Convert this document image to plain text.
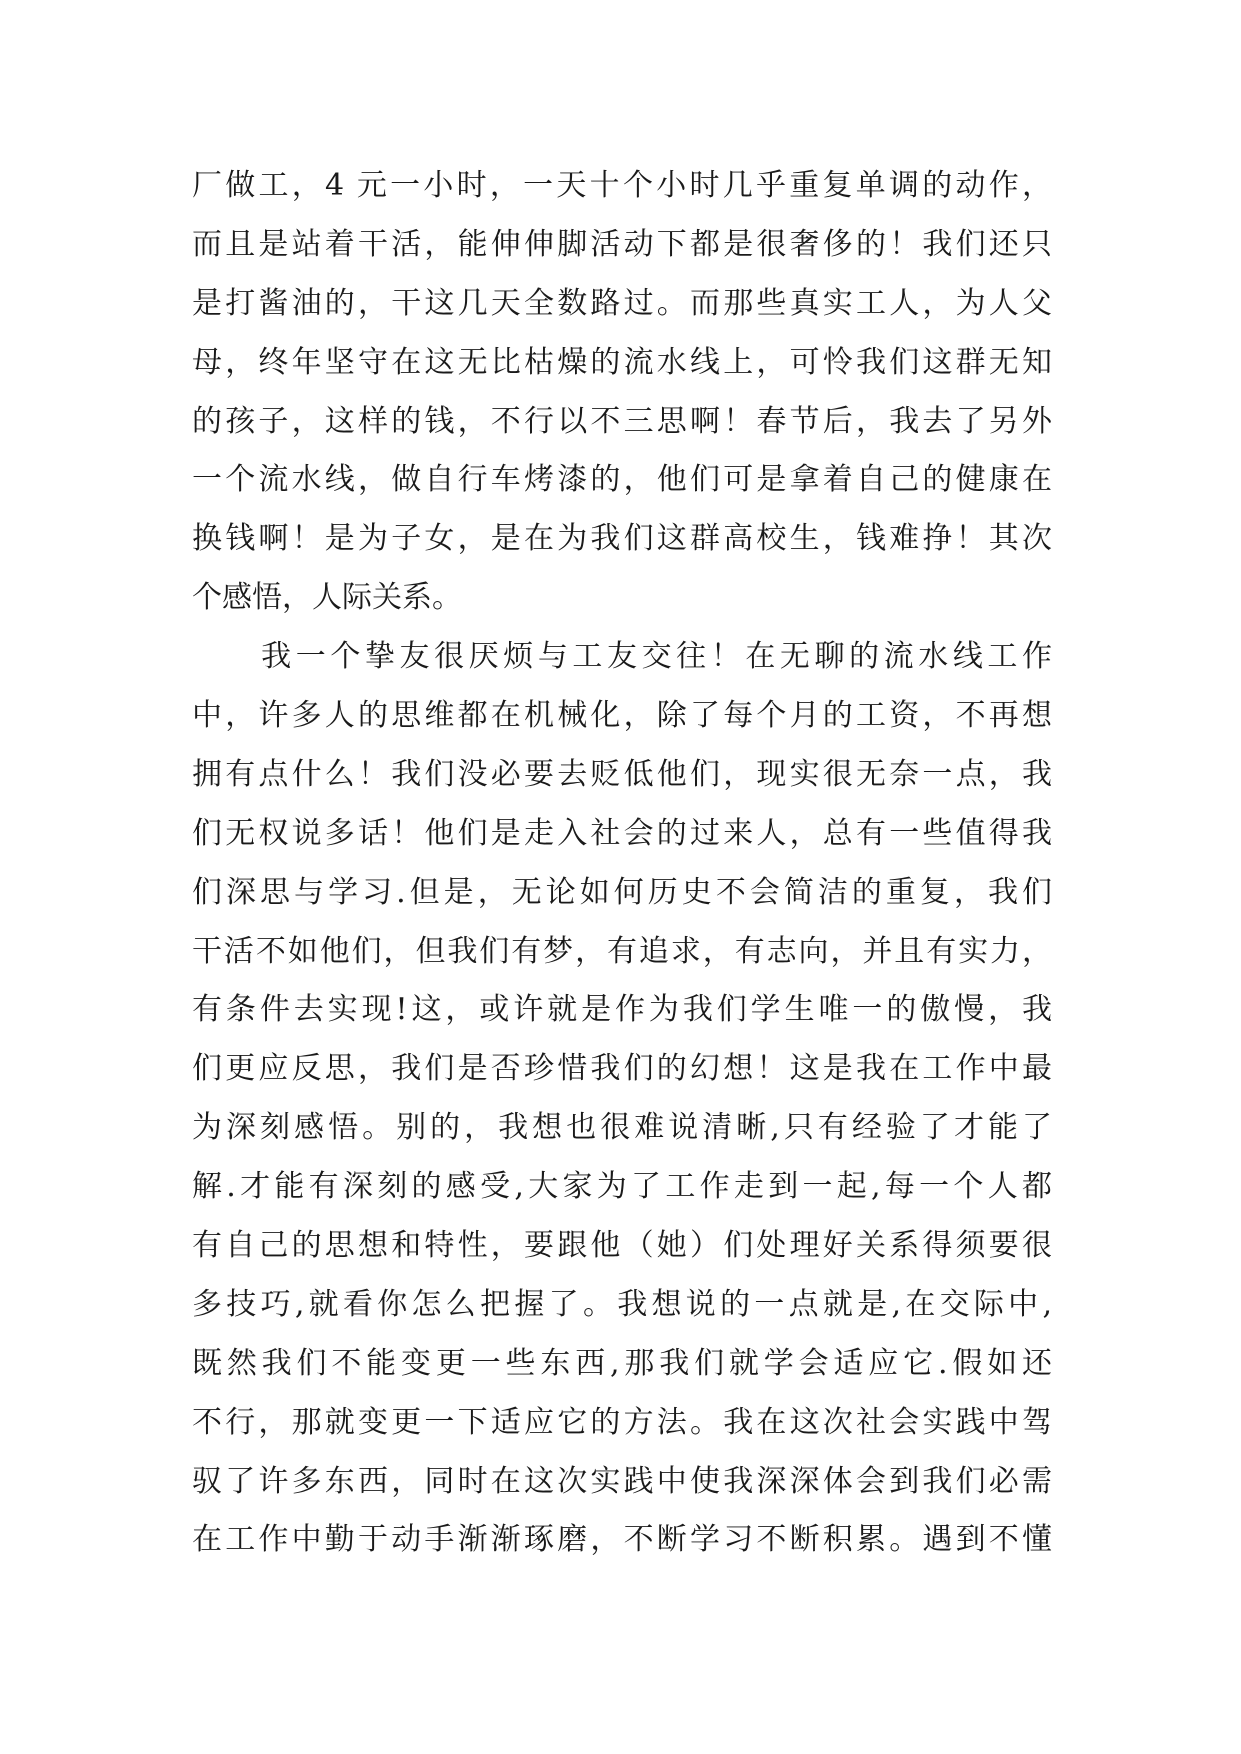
厂做工，4 元一小时，一天十个小时几乎重复单调的动作，
而且是站着干活，能伸伸脚活动下都是很奢侈的！我们还只
是打酱油的，干这几天全数路过。而那些真实工人，为人父
母，终年坚守在这无比枯燥的流水线上，可怜我们这群无知
的孩子，这样的钱，不行以不三思啊！春节后，我去了另外
一个流水线，做自行车烤漆的，他们可是拿着自己的健康在
换钱啊！是为子女，是在为我们这群高校生，钱难挣！其次
个感悟，人际关系。
　　我一个挚友很厌烦与工友交往！在无聊的流水线工作
中，许多人的思维都在机械化，除了每个月的工资，不再想
拥有点什么！我们没必要去贬低他们，现实很无奈一点，我
们无权说多话！他们是走入社会的过来人，总有一些值得我
们深思与学习.但是，无论如何历史不会简洁的重复，我们
干活不如他们，但我们有梦，有追求，有志向，并且有实力，
有条件去实现!这，或许就是作为我们学生唯一的傲慢，我
们更应反思，我们是否珍惜我们的幻想！这是我在工作中最
为深刻感悟。别的，我想也很难说清晰,只有经验了才能了
解.才能有深刻的感受,大家为了工作走到一起,每一个人都
有自己的思想和特性，要跟他（她）们处理好关系得须要很
多技巧,就看你怎么把握了。我想说的一点就是,在交际中,
既然我们不能变更一些东西,那我们就学会适应它.假如还
不行，那就变更一下适应它的方法。我在这次社会实践中驾
驭了许多东西，同时在这次实践中使我深深体会到我们必需
在工作中勤于动手渐渐琢磨，不断学习不断积累。遇到不懂
